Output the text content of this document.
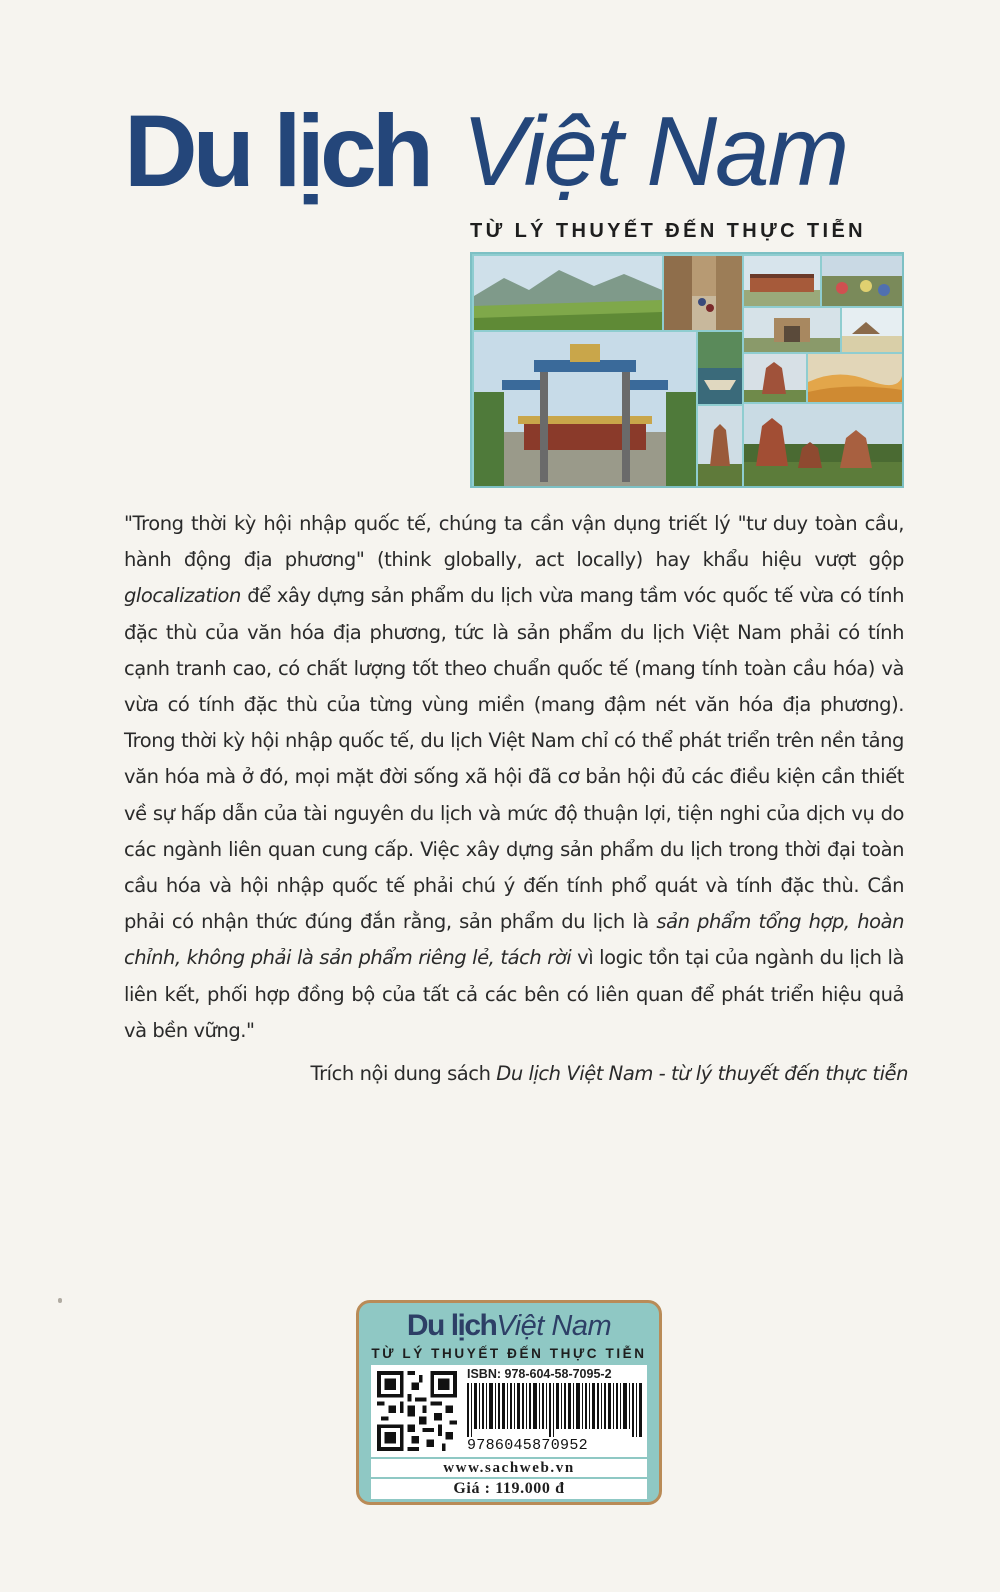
Du lịch Việt Nam
TỪ LÝ THUYẾT ĐẾN THỰC TIỄN
"Trong thời kỳ hội nhập quốc tế, chúng ta cần vận dụng triết lý "tư duy toàn cầu, hành động địa phương" (think globally, act locally) hay khẩu hiệu vượt gộp glocalization để xây dựng sản phẩm du lịch vừa mang tầm vóc quốc tế vừa có tính đặc thù của văn hóa địa phương, tức là sản phẩm du lịch Việt Nam phải có tính cạnh tranh cao, có chất lượng tốt theo chuẩn quốc tế (mang tính toàn cầu hóa) và vừa có tính đặc thù của từng vùng miền (mang đậm nét văn hóa địa phương). Trong thời kỳ hội nhập quốc tế, du lịch Việt Nam chỉ có thể phát triển trên nền tảng văn hóa mà ở đó, mọi mặt đời sống xã hội đã cơ bản hội đủ các điều kiện cần thiết về sự hấp dẫn của tài nguyên du lịch và mức độ thuận lợi, tiện nghi của dịch vụ do các ngành liên quan cung cấp. Việc xây dựng sản phẩm du lịch trong thời đại toàn cầu hóa và hội nhập quốc tế phải chú ý đến tính phổ quát và tính đặc thù. Cần phải có nhận thức đúng đắn rằng, sản phẩm du lịch là sản phẩm tổng hợp, hoàn chỉnh, không phải là sản phẩm riêng lẻ, tách rời vì logic tồn tại của ngành du lịch là liên kết, phối hợp đồng bộ của tất cả các bên có liên quan để phát triển hiệu quả và bền vững."
Trích nội dung sách Du lịch Việt Nam - từ lý thuyết đến thực tiễn
Du lịchViệt Nam
TỪ LÝ THUYẾT ĐẾN THỰC TIỄN
ISBN: 978-604-58-7095-2
9786045870952
www.sachweb.vn
Giá : 119.000 đ
